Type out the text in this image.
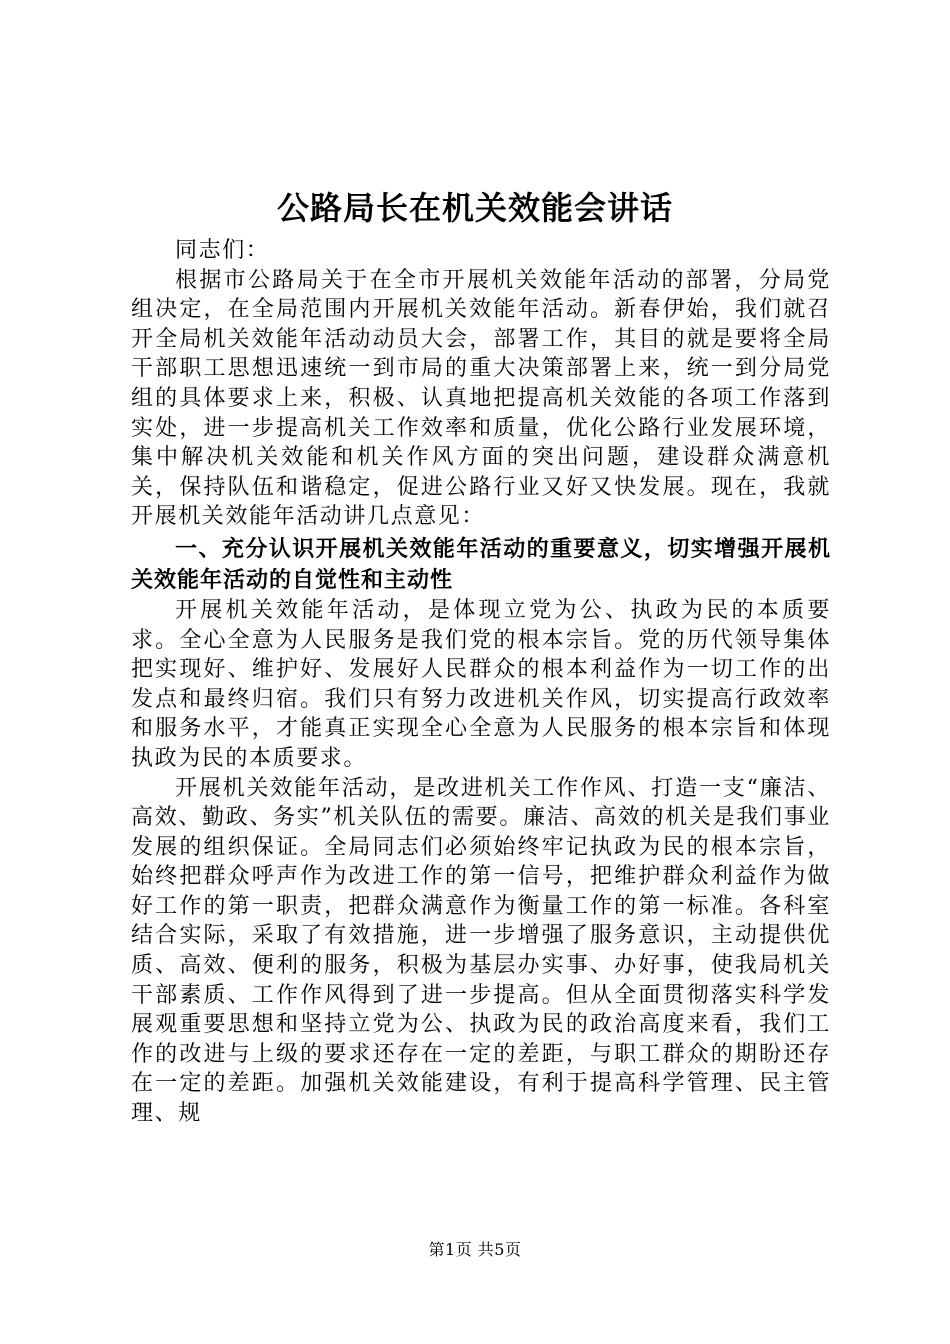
公路局长在机关效能会讲话

同志们：

根据市公路局关于在全市开展机关效能年活动的部署，分局党组决定，在全局范围内开展机关效能年活动。新春伊始，我们就召开全局机关效能年活动动员大会，部署工作，其目的就是要将全局干部职工思想迅速统一到市局的重大决策部署上来，统一到分局党组的具体要求上来，积极、认真地把提高机关效能的各项工作落到实处，进一步提高机关工作效率和质量，优化公路行业发展环境，集中解决机关效能和机关作风方面的突出问题，建设群众满意机关，保持队伍和谐稳定，促进公路行业又好又快发展。现在，我就开展机关效能年活动讲几点意见：

一、充分认识开展机关效能年活动的重要意义，切实增强开展机关效能年活动的自觉性和主动性

开展机关效能年活动，是体现立党为公、执政为民的本质要求。全心全意为人民服务是我们党的根本宗旨。党的历代领导集体把实现好、维护好、发展好人民群众的根本利益作为一切工作的出发点和最终归宿。我们只有努力改进机关作风，切实提高行政效率和服务水平，才能真正实现全心全意为人民服务的根本宗旨和体现执政为民的本质要求。

开展机关效能年活动，是改进机关工作作风、打造一支“廉洁、高效、勤政、务实”机关队伍的需要。廉洁、高效的机关是我们事业发展的组织保证。全局同志们必须始终牢记执政为民的根本宗旨，始终把群众呼声作为改进工作的第一信号，把维护群众利益作为做好工作的第一职责，把群众满意作为衡量工作的第一标准。各科室结合实际，采取了有效措施，进一步增强了服务意识，主动提供优质、高效、便利的服务，积极为基层办实事、办好事，使我局机关干部素质、工作作风得到了进一步提高。但从全面贯彻落实科学发展观重要思想和坚持立党为公、执政为民的政治高度来看，我们工作的改进与上级的要求还存在一定的差距，与职工群众的期盼还存在一定的差距。加强机关效能建设，有利于提高科学管理、民主管理、规

第1页 共5页
